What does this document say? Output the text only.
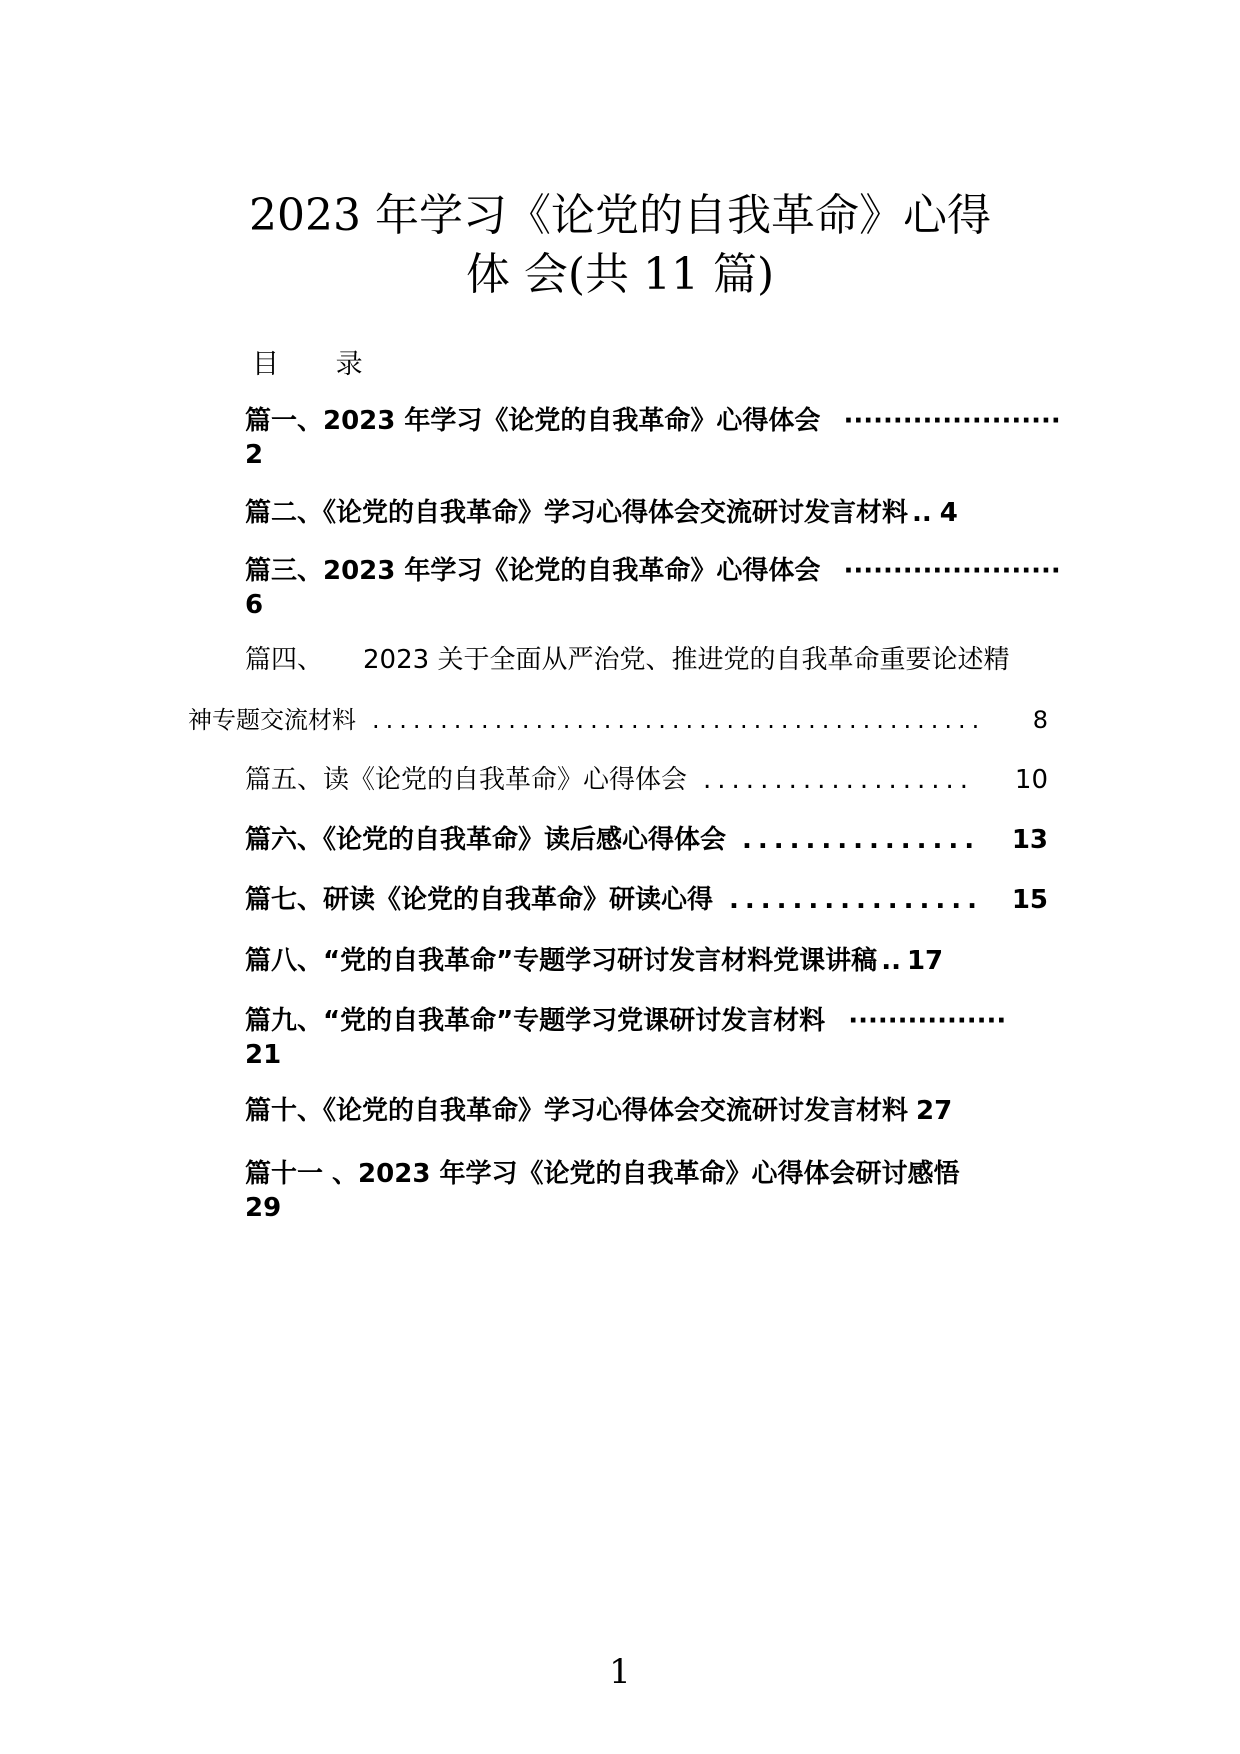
2023 年学习《论党的自我革命》心得
体 会(共 11 篇)
目 录
篇一、2023 年学习《论党的自我革命》心得体会 ······················
2
篇二、《论党的自我革命》学习心得体会交流研讨发言材料 .. 4
篇三、2023 年学习《论党的自我革命》心得体会 ······················
6
篇四、 2023 关于全面从严治党、推进党的自我革命重要论述精
神专题交流材料 .............................................	8
篇五、读《论党的自我革命》心得体会 ...................	10
篇六、《论党的自我革命》读后感心得体会 ...............	13
篇七、研读《论党的自我革命》研读心得 ................	15
篇八、“党的自我革命”专题学习研讨发言材料党课讲稿 .. 17
篇九、“党的自我革命”专题学习党课研讨发言材料 ················
21
篇十、《论党的自我革命》学习心得体会交流研讨发言材料 27
篇十一 、2023 年学习《论党的自我革命》心得体会研讨感悟
29
1
